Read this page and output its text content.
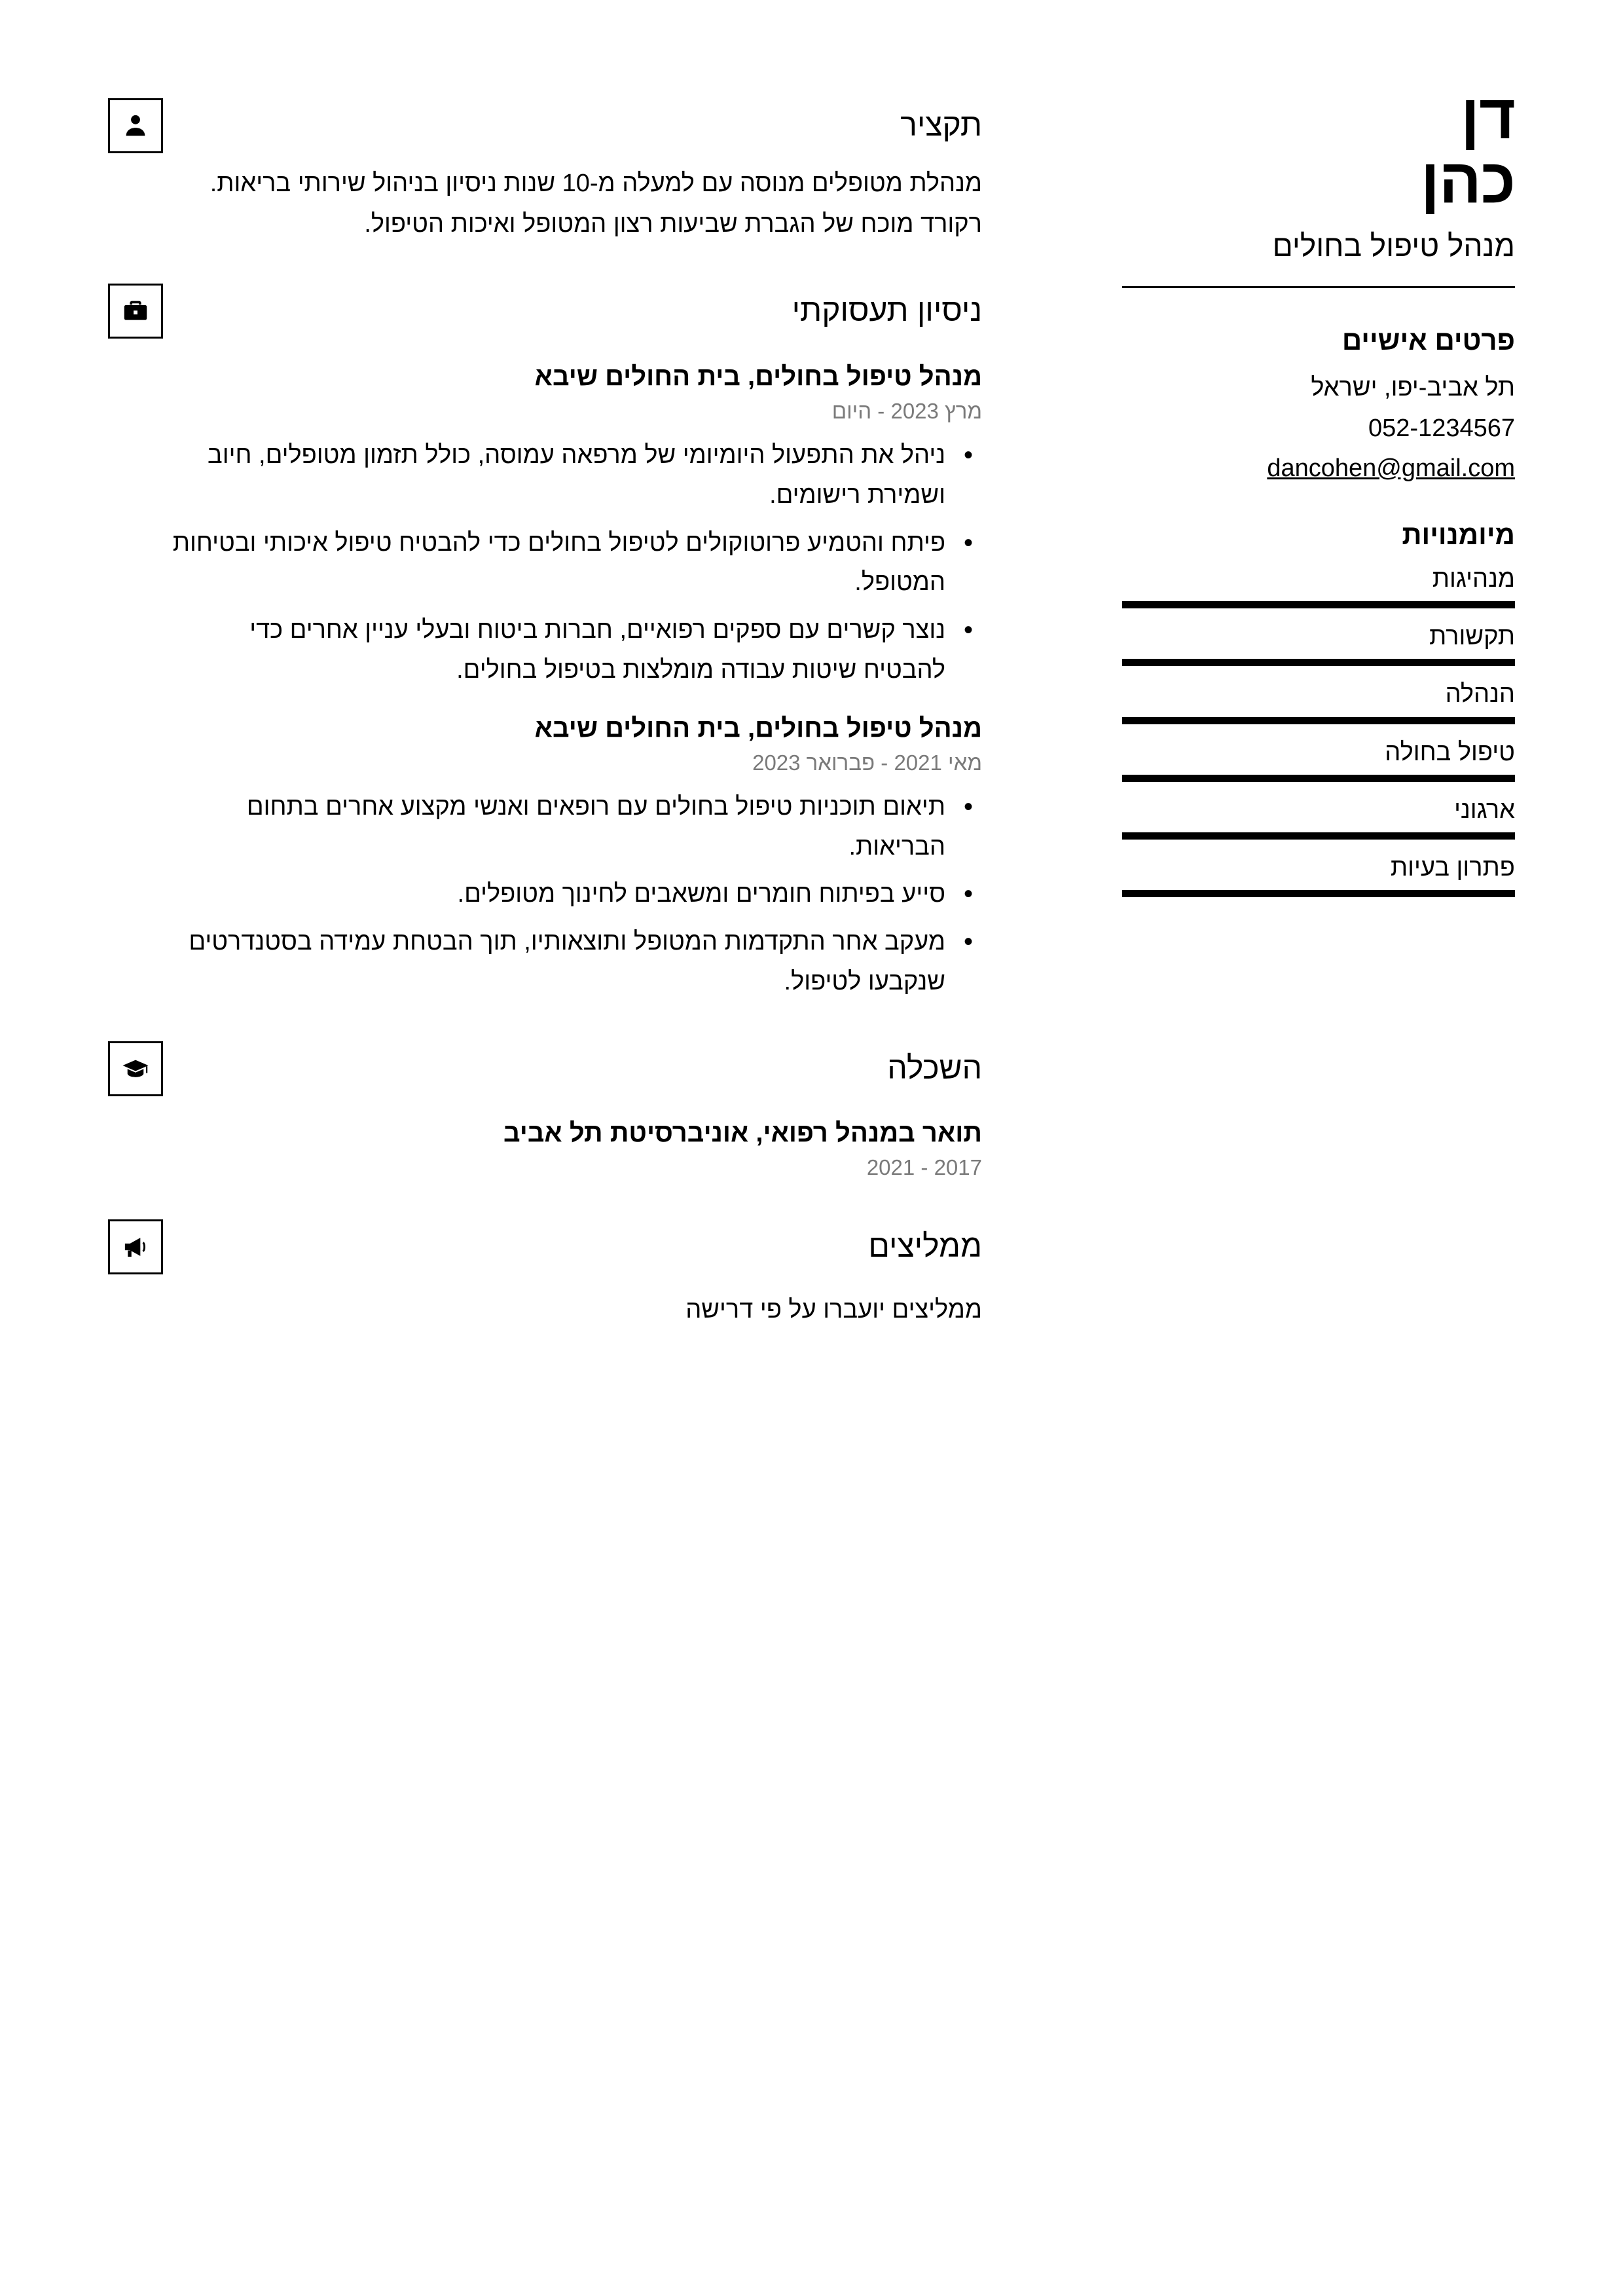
דן
כהן
מנהל טיפול בחולים
פרטים אישיים
תל אביב-יפו, ישראל
052-1234567
dancohen@gmail.com
מיומנויות
מנהיגות
תקשורת
הנהלה
טיפול בחולה
ארגוני
פתרון בעיות
תקציר
מנהלת מטופלים מנוסה עם למעלה מ-10 שנות ניסיון בניהול שירותי בריאות. רקורד מוכח של הגברת שביעות רצון המטופל ואיכות הטיפול.
ניסיון תעסוקתי
מנהל טיפול בחולים, בית החולים שיבא
מרץ 2023 - היום
• ניהל את התפעול היומיומי של מרפאה עמוסה, כולל תזמון מטופלים, חיוב ושמירת רישומים.
• פיתח והטמיע פרוטוקולים לטיפול בחולים כדי להבטיח טיפול איכותי ובטיחות המטופל.
• נוצר קשרים עם ספקים רפואיים, חברות ביטוח ובעלי עניין אחרים כדי להבטיח שיטות עבודה מומלצות בטיפול בחולים.
מנהל טיפול בחולים, בית החולים שיבא
מאי 2021 - פברואר 2023
• תיאום תוכניות טיפול בחולים עם רופאים ואנשי מקצוע אחרים בתחום הבריאות.
• סייע בפיתוח חומרים ומשאבים לחינוך מטופלים.
• מעקב אחר התקדמות המטופל ותוצאותיו, תוך הבטחת עמידה בסטנדרטים שנקבעו לטיפול.
השכלה
תואר במנהל רפואי, אוניברסיטת תל אביב
2017 - 2021
ממליצים
ממליצים יועברו על פי דרישה
